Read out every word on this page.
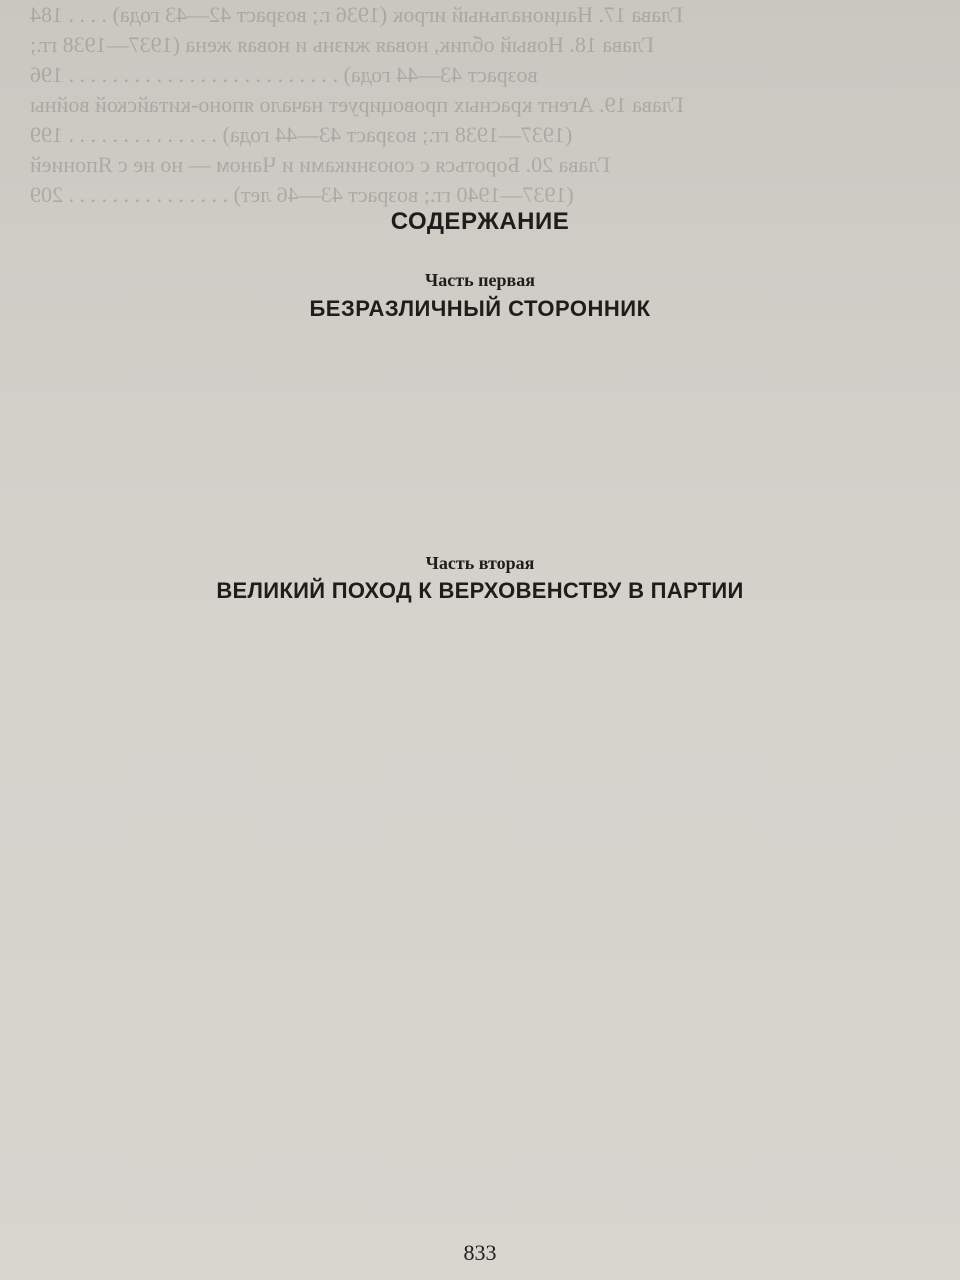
Глава 17. Национальный игрок (1936 г.; возраст 42—43 года) . . . . 184
Глава 18. Новый облик, новая жизнь и новая жена (1937—1938 гг.;
возраст 43—44 года) . . . . . . . . . . . . . . . . . . . . . . . . . 196
Глава 19. Агент красных провоцирует начало японо-китайской войны
(1937—1938 гг.; возраст 43—44 года) . . . . . . . . . . . . . . 199
Глава 20. Бороться с союзниками и Чаном — но не с Японией
(1937—1940 гг.; возраст 43—46 лет) . . . . . . . . . . . . . . . 209
СОДЕРЖАНИЕ
Часть первая
БЕЗРАЗЛИЧНЫЙ СТОРОННИК
Часть вторая
ВЕЛИКИЙ ПОХОД К ВЕРХОВЕНСТВУ В ПАРТИИ
833
